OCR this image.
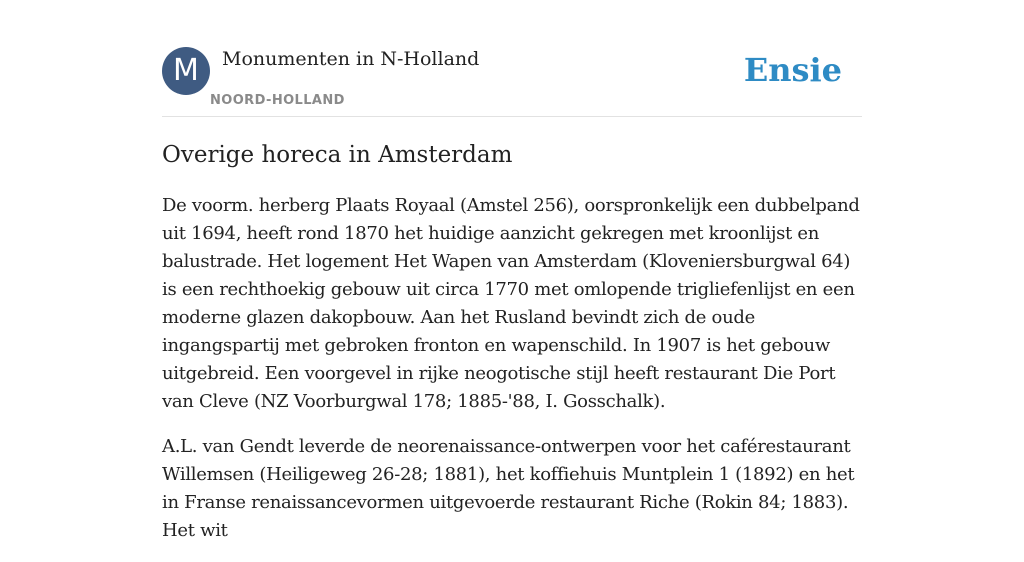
M	Monumenten in N-Holland
NOORD-HOLLAND
Ensie
Overige horeca in Amsterdam

De voorm. herberg Plaats Royaal (Amstel 256), oorspronkelijk een dubbelpand uit 1694, heeft rond 1870 het huidige aanzicht gekregen met kroonlijst en balustrade. Het logement Het Wapen van Amsterdam (Kloveniersburgwal 64) is een rechthoekig gebouw uit circa 1770 met omlopende trigliefenlijst en een moderne glazen dakopbouw. Aan het Rusland bevindt zich de oude ingangspartij met gebroken fronton en wapenschild. In 1907 is het gebouw uitgebreid. Een voorgevel in rijke neogotische stijl heeft restaurant Die Port van Cleve (NZ Voorburgwal 178; 1885-'88, I. Gosschalk).

A.L. van Gendt leverde de neorenaissance-ontwerpen voor het caférestaurant Willemsen (Heiligeweg 26-28; 1881), het koffiehuis Muntplein 1 (1892) en het in Franse renaissancevormen uitgevoerde restaurant Riche (Rokin 84; 1883). Het wit
